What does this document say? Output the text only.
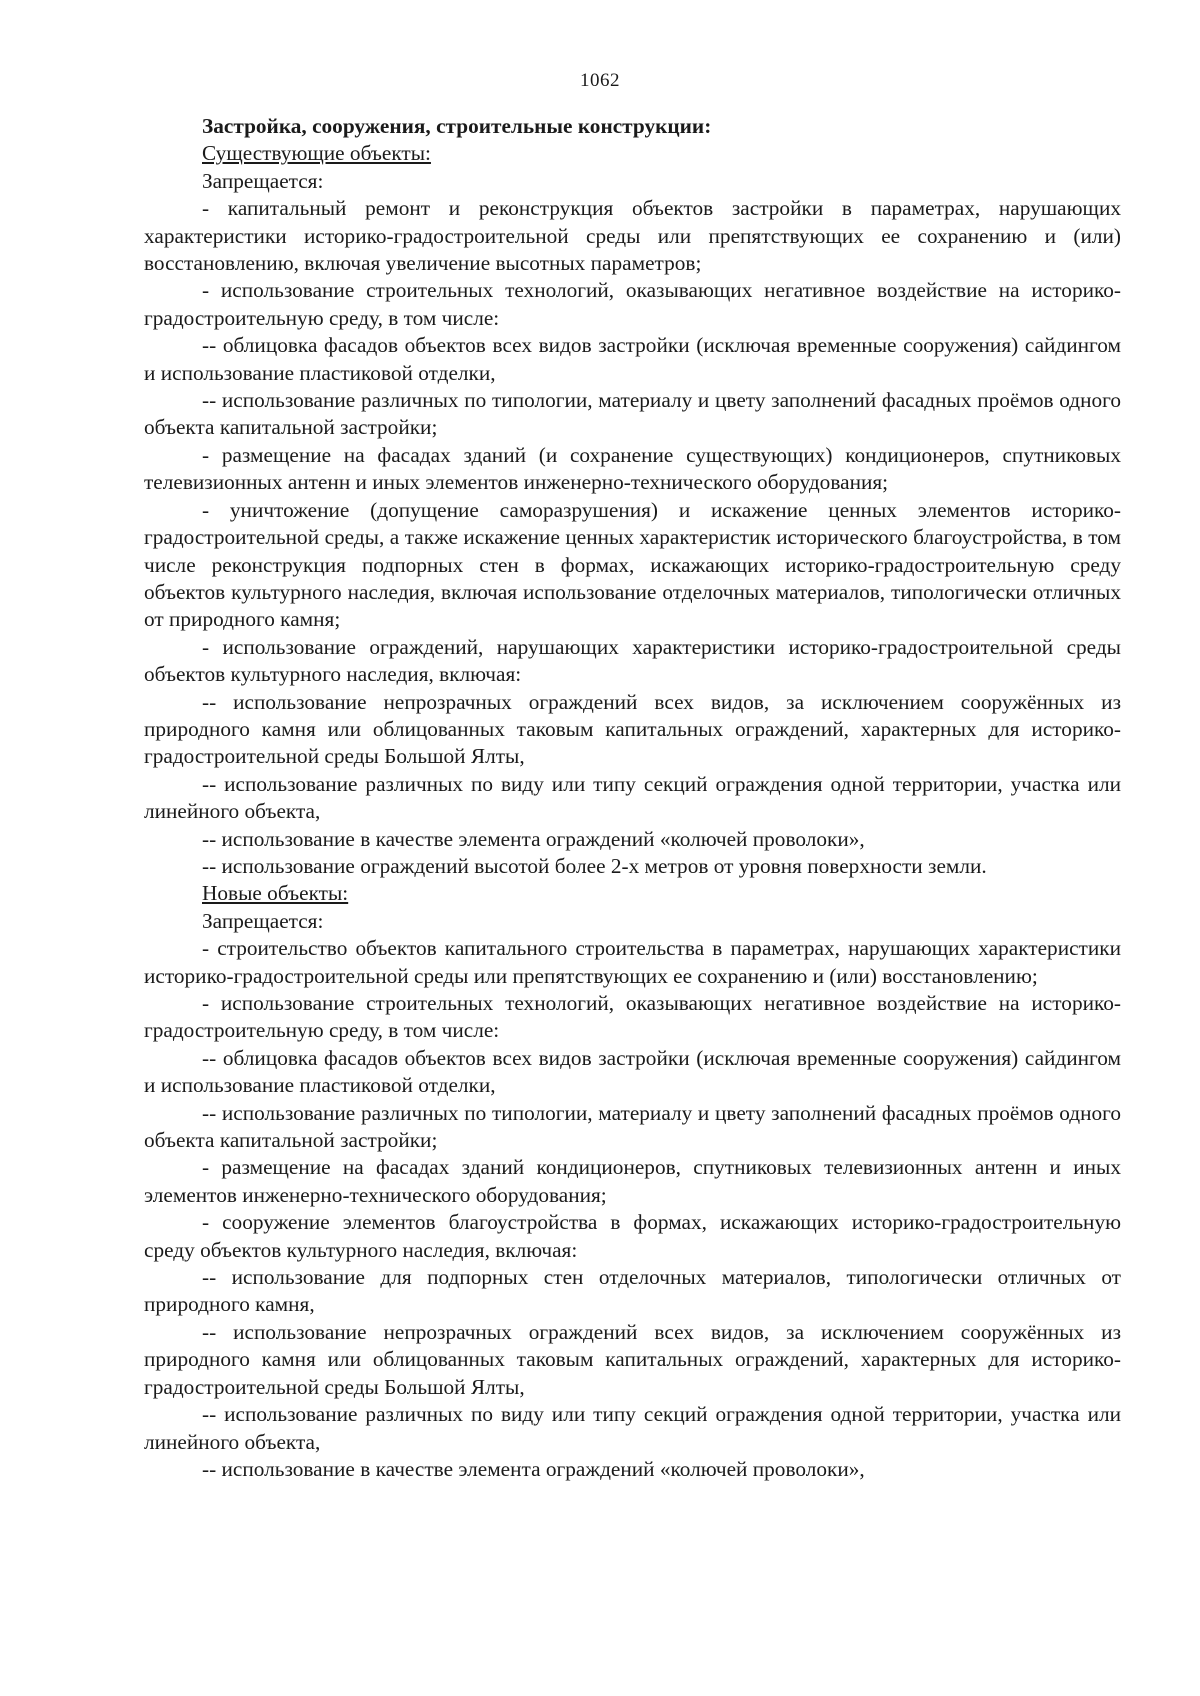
1062

Застройка, сооружения, строительные конструкции:

Существующие объекты:

Запрещается:

- капитальный ремонт и реконструкция объектов застройки в параметрах, нарушающих характеристики историко-градостроительной среды или препятствующих ее сохранению и (или) восстановлению, включая увеличение высотных параметров;

- использование строительных технологий, оказывающих негативное воздействие на историко-градостроительную среду, в том числе:

-- облицовка фасадов объектов всех видов застройки (исключая временные сооружения) сайдингом и использование пластиковой отделки,

-- использование различных по типологии, материалу и цвету заполнений фасадных проёмов одного объекта капитальной застройки;

- размещение на фасадах зданий (и сохранение существующих) кондиционеров, спутниковых телевизионных антенн и иных элементов инженерно-технического оборудования;

- уничтожение (допущение саморазрушения) и искажение ценных элементов историко-градостроительной среды, а также искажение ценных характеристик исторического благоустройства, в том числе реконструкция подпорных стен в формах, искажающих историко-градостроительную среду объектов культурного наследия, включая использование отделочных материалов, типологически отличных от природного камня;

- использование ограждений, нарушающих характеристики историко-градостроительной среды объектов культурного наследия, включая:

-- использование непрозрачных ограждений всех видов, за исключением сооружённых из природного камня или облицованных таковым капитальных ограждений, характерных для историко-градостроительной среды Большой Ялты,

-- использование различных по виду или типу секций ограждения одной территории, участка или линейного объекта,

-- использование в качестве элемента ограждений «колючей проволоки»,

-- использование ограждений высотой более 2-х метров от уровня поверхности земли.

Новые объекты:

Запрещается:

- строительство объектов капитального строительства в параметрах, нарушающих характеристики историко-градостроительной среды или препятствующих ее сохранению и (или) восстановлению;

- использование строительных технологий, оказывающих негативное воздействие на историко-градостроительную среду, в том числе:

-- облицовка фасадов объектов всех видов застройки (исключая временные сооружения) сайдингом и использование пластиковой отделки,

-- использование различных по типологии, материалу и цвету заполнений фасадных проёмов одного объекта капитальной застройки;

- размещение на фасадах зданий кондиционеров, спутниковых телевизионных антенн и иных элементов инженерно-технического оборудования;

- сооружение элементов благоустройства в формах, искажающих историко-градостроительную среду объектов культурного наследия, включая:

-- использование для подпорных стен отделочных материалов, типологически отличных от природного камня,

-- использование непрозрачных ограждений всех видов, за исключением сооружённых из природного камня или облицованных таковым капитальных ограждений, характерных для историко-градостроительной среды Большой Ялты,

-- использование различных по виду или типу секций ограждения одной территории, участка или линейного объекта,

-- использование в качестве элемента ограждений «колючей проволоки»,
